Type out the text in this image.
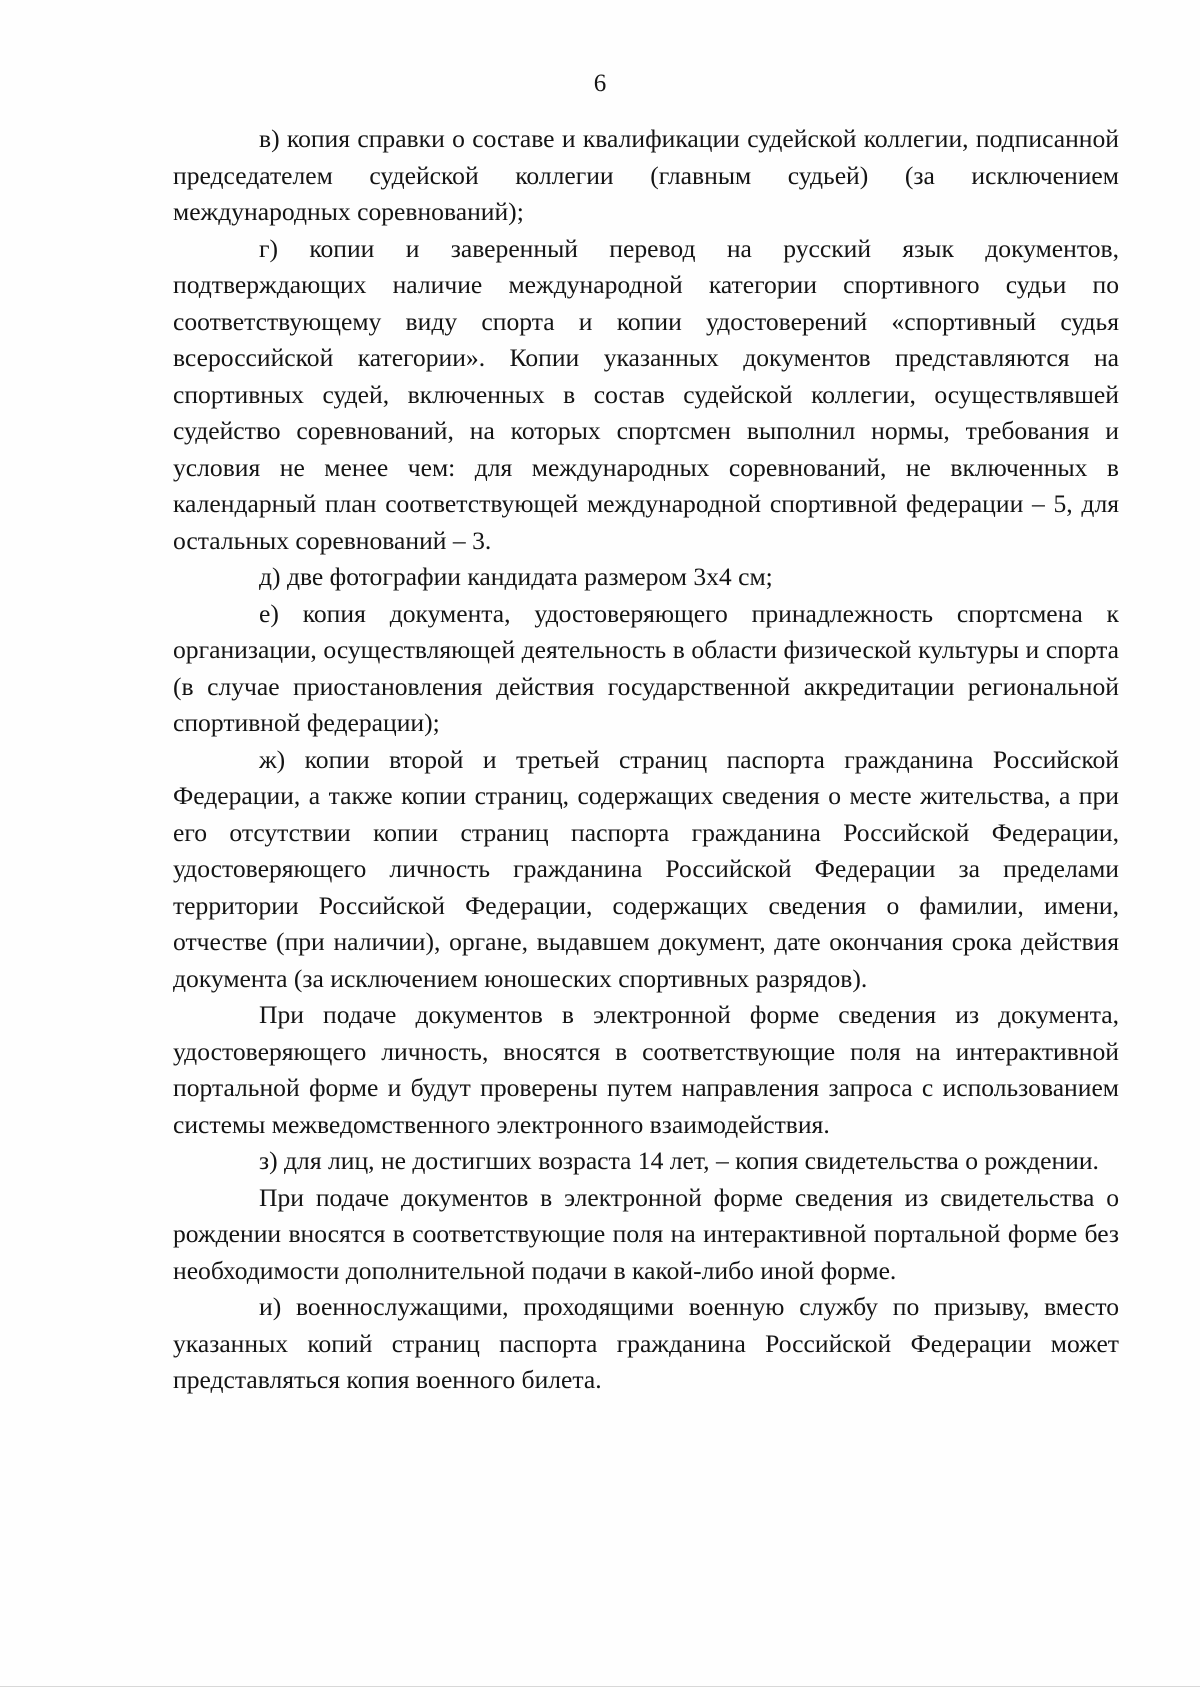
6

в) копия справки о составе и квалификации судейской коллегии, подписанной председателем судейской коллегии (главным судьей) (за исключением международных соревнований);

г) копии и заверенный перевод на русский язык документов, подтверждающих наличие международной категории спортивного судьи по соответствующему виду спорта и копии удостоверений «спортивный судья всероссийской категории». Копии указанных документов представляются на спортивных судей, включенных в состав судейской коллегии, осуществлявшей судейство соревнований, на которых спортсмен выполнил нормы, требования и условия не менее чем: для международных соревнований, не включенных в календарный план соответствующей международной спортивной федерации – 5, для остальных соревнований – 3.

д) две фотографии кандидата размером 3х4 см;

е) копия документа, удостоверяющего принадлежность спортсмена к организации, осуществляющей деятельность в области физической культуры и спорта (в случае приостановления действия государственной аккредитации региональной спортивной федерации);

ж) копии второй и третьей страниц паспорта гражданина Российской Федерации, а также копии страниц, содержащих сведения о месте жительства, а при его отсутствии копии страниц паспорта гражданина Российской Федерации, удостоверяющего личность гражданина Российской Федерации за пределами территории Российской Федерации, содержащих сведения о фамилии, имени, отчестве (при наличии), органе, выдавшем документ, дате окончания срока действия документа (за исключением юношеских спортивных разрядов).

При подаче документов в электронной форме сведения из документа, удостоверяющего личность, вносятся в соответствующие поля на интерактивной портальной форме и будут проверены путем направления запроса с использованием системы межведомственного электронного взаимодействия.

з) для лиц, не достигших возраста 14 лет, – копия свидетельства о рождении.

При подаче документов в электронной форме сведения из свидетельства о рождении вносятся в соответствующие поля на интерактивной портальной форме без необходимости дополнительной подачи в какой-либо иной форме.

и) военнослужащими, проходящими военную службу по призыву, вместо указанных копий страниц паспорта гражданина Российской Федерации может представляться копия военного билета.
